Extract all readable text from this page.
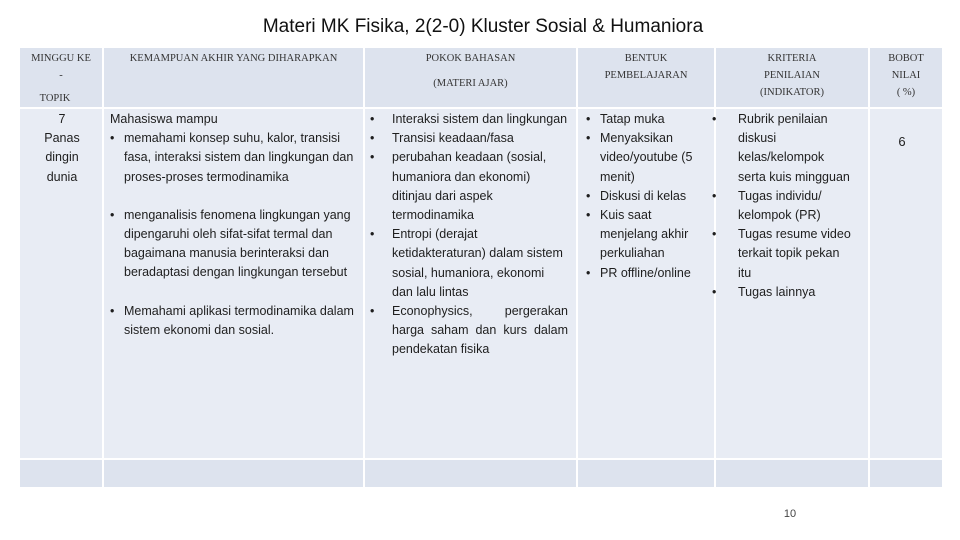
Materi MK Fisika, 2(2-0) Kluster Sosial & Humaniora
MINGGU KE
-
TOPIK
KEMAMPUAN AKHIR YANG DIHARAPKAN	POKOK BAHASAN
(MATERI AJAR)
BENTUK
PEMBELAJARAN
KRITERIA
PENILAIAN
(INDIKATOR)
BOBOT
NILAI
( %)
7
Panas dingin dunia
Mahasiswa mampu
• memahami konsep suhu, kalor, transisi fasa, interaksi sistem dan lingkungan dan proses-proses termodinamika
• menganalisis fenomena lingkungan yang dipengaruhi oleh sifat-sifat termal dan bagaimana manusia berinteraksi dan beradaptasi dengan lingkungan tersebut
• Memahami aplikasi termodinamika dalam sistem ekonomi dan sosial.
• Interaksi sistem dan lingkungan
• Transisi keadaan/fasa
• perubahan keadaan (sosial, humaniora dan ekonomi) ditinjau dari aspek termodinamika
• Entropi (derajat ketidakteraturan) dalam sistem sosial, humaniora, ekonomi dan lalu lintas
• Econophysics, pergerakan harga saham dan kurs dalam pendekatan fisika
• Tatap muka
• Menyaksikan video/youtube (5 menit)
• Diskusi di kelas
• Kuis saat menjelang akhir perkuliahan
• PR offline/online
• Rubrik penilaian diskusi kelas/kelompok serta kuis mingguan
• Tugas individu/ kelompok (PR)
• Tugas resume video terkait topik pekan itu
• Tugas lainnya
6
10
